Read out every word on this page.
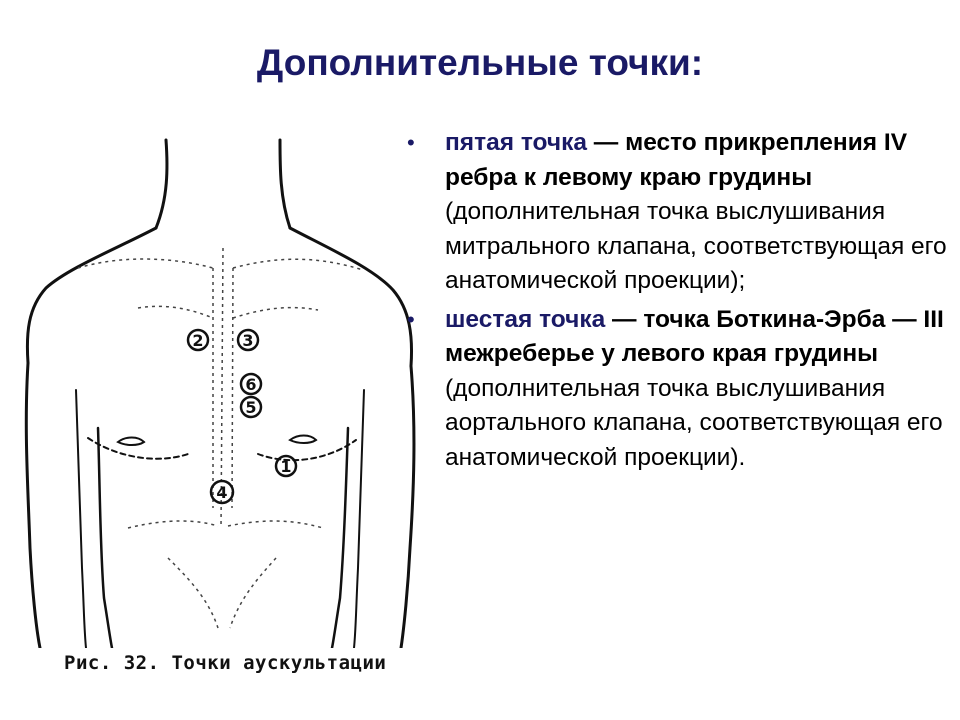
Дополнительные точки:
2 3
6
5
1
4
Рис. 32. Точки аускультации
• пятая точка — место прикрепления IV ребра к левому краю грудины (дополнительная точка выслушивания митрального клапана, соответствующая его анатомической проекции);
• шестая точка — точка Боткина-Эрба — III межреберье у левого края грудины (дополнительная точка выслушивания аортального клапана, соответствующая его анатомической проекции).
